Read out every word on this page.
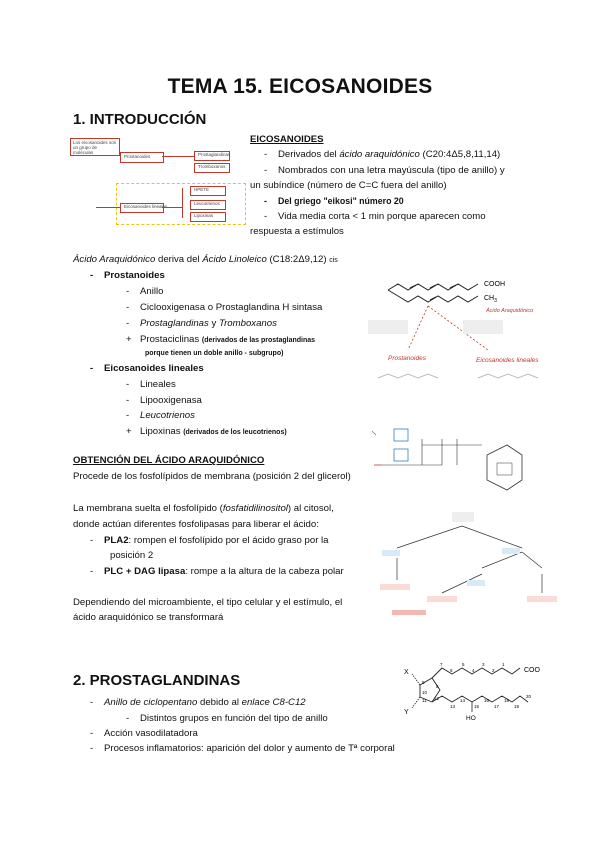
TEMA 15. EICOSANOIDES
1. INTRODUCCIÓN
Los eicosanoides son un grupo de moléculas
Prostanoides	Prostaglandinas
Tromboxanos
Eicosanoides lineales
HPETE
Leucotrienos
Lipoxinas
EICOSANOIDES
- Derivados del ácido araquidónico (C20:4Δ5,8,11,14)
- Nombrados con una letra mayúscula (tipo de anillo) y
un subíndice (número de C=C fuera del anillo)
- Del griego "eikosi" número 20
- Vida media corta < 1 min porque aparecen como
respuesta a estímulos
Ácido Araquidónico deriva del Ácido Linoleico (C18:2Δ9,12) cis
- Prostanoides
- Anillo
- Ciclooxigenasa o Prostaglandina H sintasa
- Prostaglandinas y Tromboxanos
+ Prostaciclinas (derivados de las prostaglandinas
porque tienen un doble anillo - subgrupo)
- Eicosanoides lineales
- Lineales
- Lipooxigenasa
- Leucotrienos
+ Lipoxinas (derivados de los leucotrienos)
COOH
$CH_3$
Ácido Araquidónico
Prostanoides	Eicosanoides lineales
OBTENCIÓN DEL ÁCIDO ARAQUIDÓNICO
Procede de los fosfolípidos de membrana (posición 2 del glicerol)
La membrana suelta el fosfolípido (fosfatidilinositol) al citosol,
donde actúan diferentes fosfolipasas para liberar el ácido:
- PLA2: rompen el fosfolípido por el ácido graso por la
posición 2
- PLC + DAG lipasa: rompe a la altura de la cabeza polar
Dependiendo del microambiente, el tipo celular y el estímulo, el
ácido araquidónico se transformará
2. PROSTAGLANDINAS
- Anillo de ciclopentano debido al enlace C8-C12
- Distintos grupos en función del tipo de anillo
- Acción vasodilatadora
- Procesos inflamatorios: aparición del dolor y aumento de Tª corporal
X
Y
HO
COO
9
8
7
6
5
4
3
2
1
10
11 12
13
14
15
16
17
18
19
20
